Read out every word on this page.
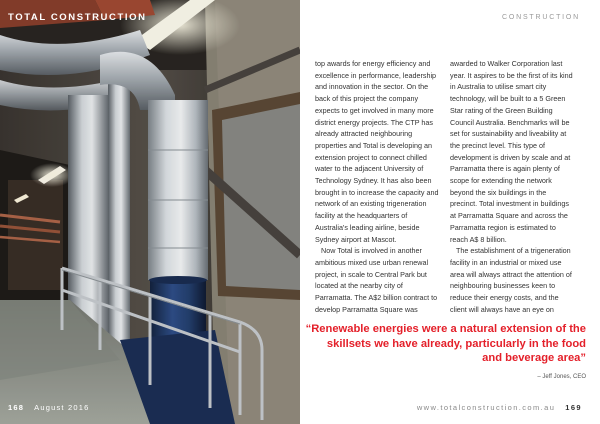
TOTAL CONSTRUCTION
168 August 2016
CONSTRUCTION

top awards for energy efficiency and excellence in performance, leadership and innovation in the sector. On the back of this project the company expects to get involved in many more district energy projects. The CTP has already attracted neighbouring properties and Total is developing an extension project to connect chilled water to the adjacent University of Technology Sydney. It has also been brought in to increase the capacity and network of an existing trigeneration facility at the headquarters of Australia's leading airline, beside Sydney airport at Mascot.

Now Total is involved in another ambitious mixed use urban renewal project, in scale to Central Park but located at the nearby city of Parramatta. The A$2 billion contract to develop Parramatta Square was

awarded to Walker Corporation last year. It aspires to be the first of its kind in Australia to utilise smart city technology, will be built to a 5 Green Star rating of the Green Building Council Australia. Benchmarks will be set for sustainability and liveability at the precinct level. This type of development is driven by scale and at Parramatta there is again plenty of scope for extending the network beyond the six buildings in the precinct. Total investment in buildings at Parramatta Square and across the Parramatta region is estimated to reach A$ 8 billion.

The establishment of a trigeneration facility in an industrial or mixed use area will always attract the attention of neighbouring businesses keen to reduce their energy costs, and the client will always have an eye on

“Renewable energies were a natural extension of the skillsets we have already, particularly in the food and beverage area”
– Jeff Jones, CEO
www.totalconstruction.com.au 169
